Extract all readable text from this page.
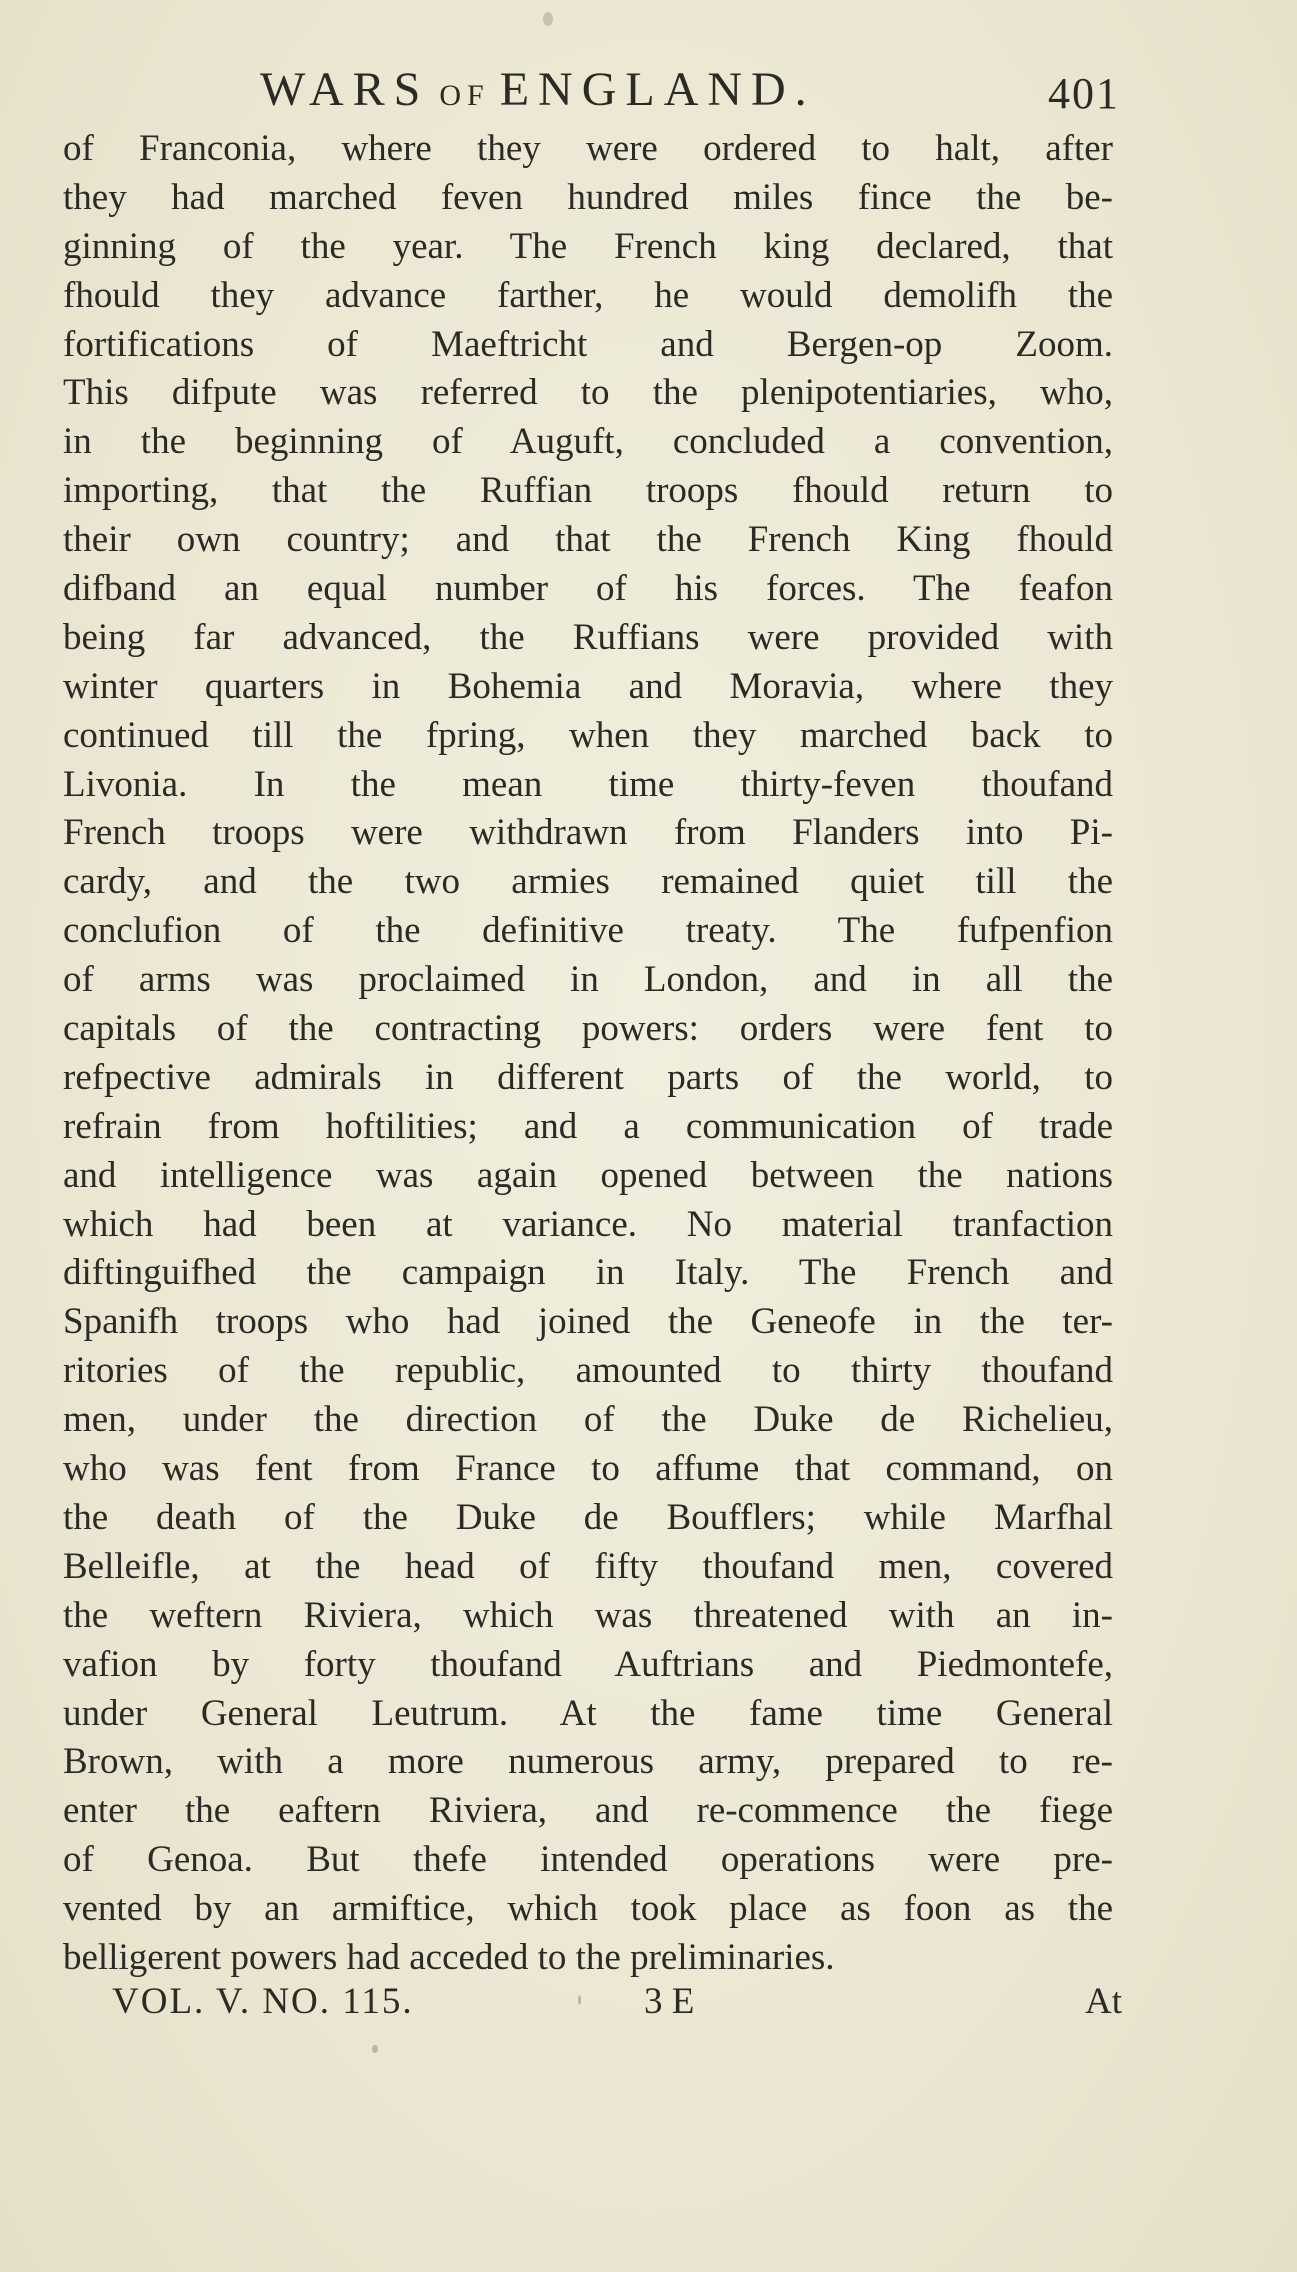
WARS OF ENGLAND.	401
of Franconia, where they were ordered to halt, after
they had marched feven hundred miles fince the be-
ginning of the year. The French king declared, that
fhould they advance farther, he would demolifh the
fortifications of Maeftricht and Bergen-op Zoom.
This difpute was referred to the plenipotentiaries, who,
in the beginning of Auguft, concluded a convention,
importing, that the Ruffian troops fhould return to
their own country; and that the French King fhould
difband an equal number of his forces. The feafon
being far advanced, the Ruffians were provided with
winter quarters in Bohemia and Moravia, where they
continued till the fpring, when they marched back to
Livonia. In the mean time thirty-feven thoufand
French troops were withdrawn from Flanders into Pi-
cardy, and the two armies remained quiet till the
conclufion of the definitive treaty. The fufpenfion
of arms was proclaimed in London, and in all the
capitals of the contracting powers: orders were fent to
refpective admirals in different parts of the world, to
refrain from hoftilities; and a communication of trade
and intelligence was again opened between the nations
which had been at variance. No material tranfaction
diftinguifhed the campaign in Italy. The French and
Spanifh troops who had joined the Geneofe in the ter-
ritories of the republic, amounted to thirty thoufand
men, under the direction of the Duke de Richelieu,
who was fent from France to affume that command, on
the death of the Duke de Boufflers; while Marfhal
Belleifle, at the head of fifty thoufand men, covered
the weftern Riviera, which was threatened with an in-
vafion by forty thoufand Auftrians and Piedmontefe,
under General Leutrum. At the fame time General
Brown, with a more numerous army, prepared to re-
enter the eaftern Riviera, and re-commence the fiege
of Genoa. But thefe intended operations were pre-
vented by an armiftice, which took place as foon as the
belligerent powers had acceded to the preliminaries.
VOL. V. NO. 115.	3 E	At
